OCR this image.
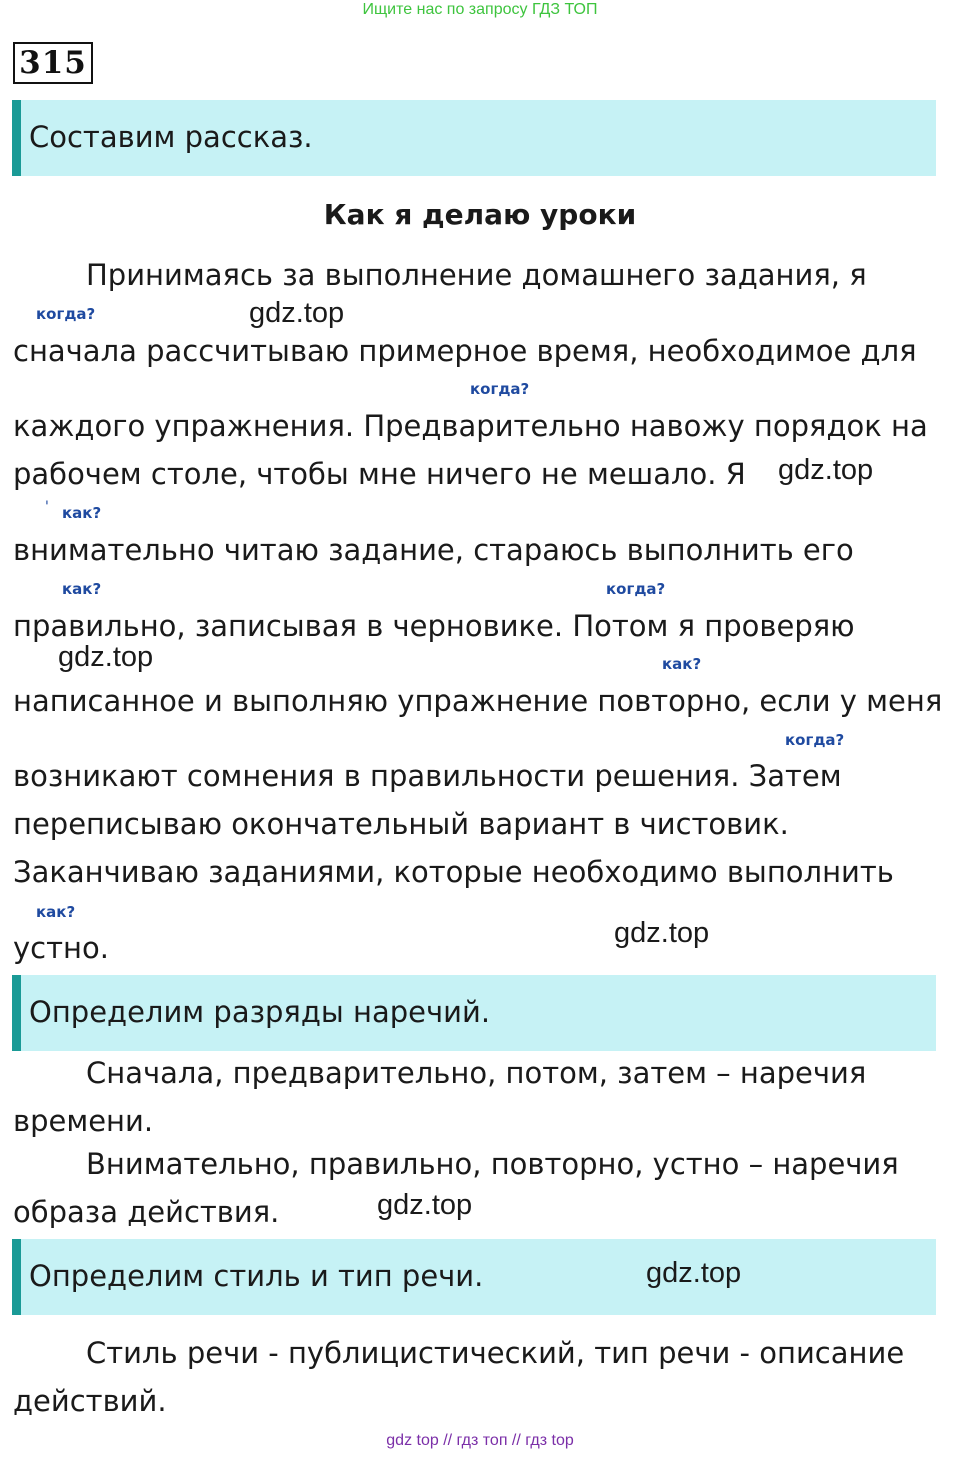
Ищите нас по запросу ГДЗ ТОП
315
Составим рассказ.
Как я делаю уроки
Принимаясь за выполнение домашнего задания, я
сначала рассчитываю примерное время, необходимое для
каждого упражнения. Предварительно навожу порядок на
рабочем столе, чтобы мне ничего не мешало. Я
внимательно читаю задание, стараюсь выполнить его
правильно, записывая в черновике. Потом я проверяю
написанное и выполняю упражнение повторно, если у меня
возникают сомнения в правильности решения. Затем
переписываю окончательный вариант в чистовик.
Заканчиваю заданиями, которые необходимо выполнить
устно.
когда?
когда?
' как?
как?	когда?
как?
когда?
как?
gdz.top
gdz.top
gdz.top
gdz.top
Определим разряды наречий.
Сначала, предварительно, потом, затем – наречия
времени.
Внимательно, правильно, повторно, устно – наречия
образа действия.	gdz.top
Определим стиль и тип речи.	gdz.top
Стиль речи - публицистический, тип речи - описание
действий.
gdz top // гдз топ // гдз top
